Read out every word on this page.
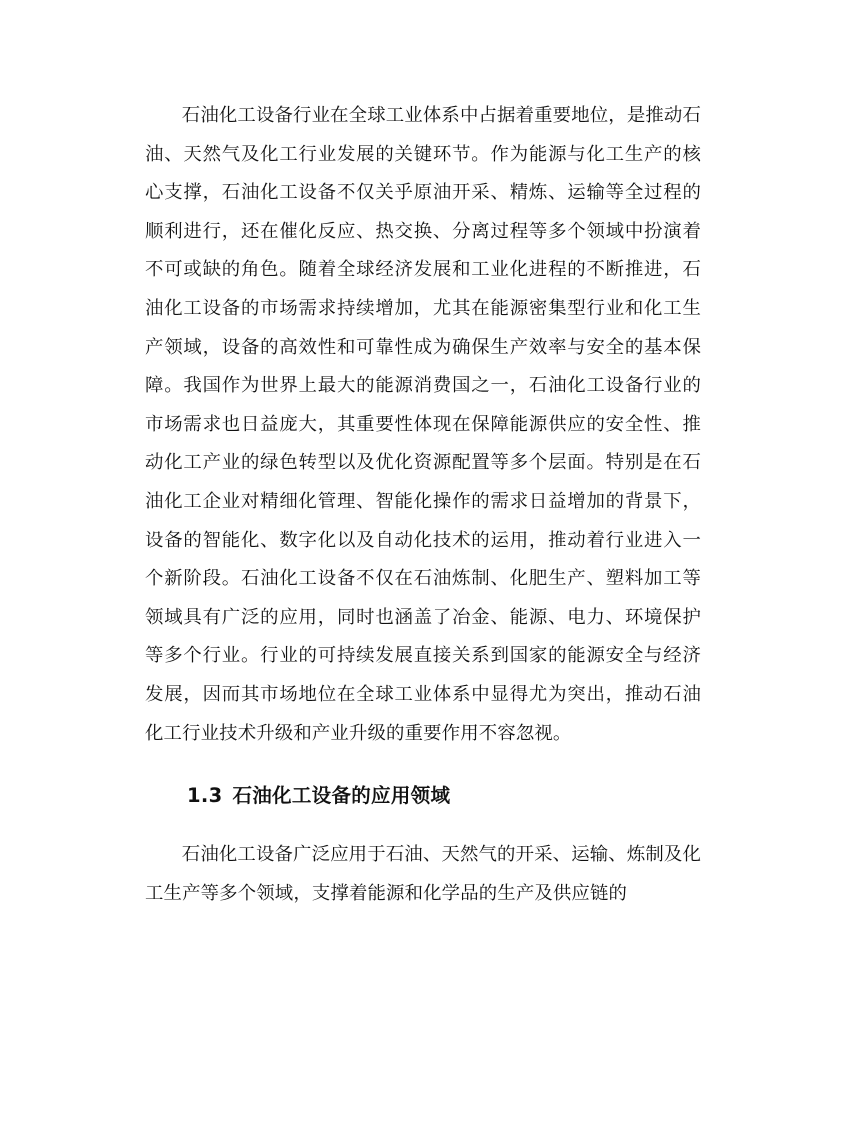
石油化工设备行业在全球工业体系中占据着重要地位，是推动石油、天然气及化工行业发展的关键环节。作为能源与化工生产的核心支撑，石油化工设备不仅关乎原油开采、精炼、运输等全过程的顺利进行，还在催化反应、热交换、分离过程等多个领域中扮演着不可或缺的角色。随着全球经济发展和工业化进程的不断推进，石油化工设备的市场需求持续增加，尤其在能源密集型行业和化工生产领域，设备的高效性和可靠性成为确保生产效率与安全的基本保障。我国作为世界上最大的能源消费国之一，石油化工设备行业的市场需求也日益庞大，其重要性体现在保障能源供应的安全性、推动化工产业的绿色转型以及优化资源配置等多个层面。特别是在石油化工企业对精细化管理、智能化操作的需求日益增加的背景下，设备的智能化、数字化以及自动化技术的运用，推动着行业进入一个新阶段。石油化工设备不仅在石油炼制、化肥生产、塑料加工等领域具有广泛的应用，同时也涵盖了冶金、能源、电力、环境保护等多个行业。行业的可持续发展直接关系到国家的能源安全与经济发展，因而其市场地位在全球工业体系中显得尤为突出，推动石油化工行业技术升级和产业升级的重要作用不容忽视。

1.3 石油化工设备的应用领域

石油化工设备广泛应用于石油、天然气的开采、运输、炼制及化工生产等多个领域，支撑着能源和化学品的生产及供应链的
